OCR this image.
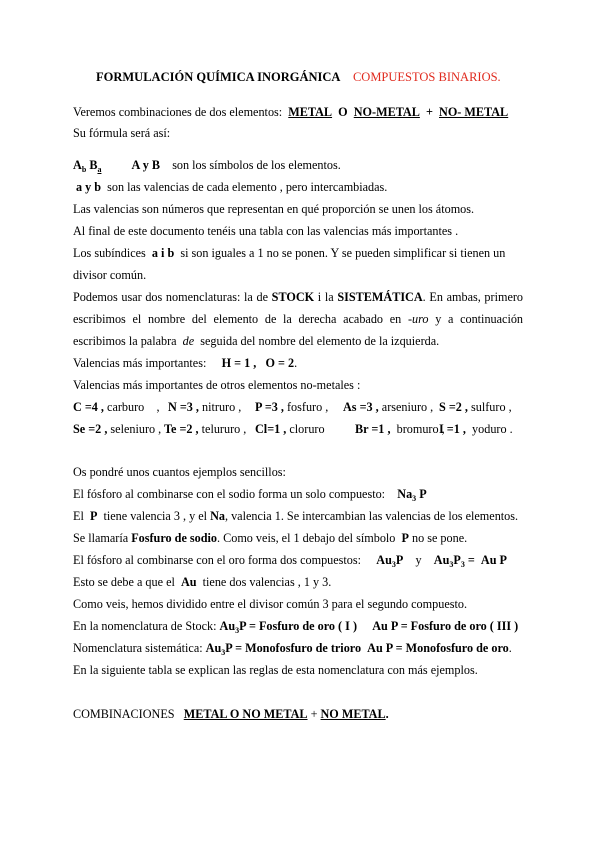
FORMULACIÓN QUÍMICA INORGÁNICA COMPUESTOS BINARIOS.
Veremos combinaciones de dos elementos: METAL O NO-METAL + NO- METAL
Su fórmula será así:
$A_b$ $B_a$ A y B son los símbolos de los elementos.
a y b son las valencias de cada elemento , pero intercambiadas.
Las valencias son números que representan en qué proporción se unen los átomos.
Al final de este documento tenéis una tabla con las valencias más importantes .
Los subíndices a i b si son iguales a 1 no se ponen. Y se pueden simplificar si tienen un
divisor común.
Podemos usar dos nomenclaturas: la de STOCK i la SISTEMÁTICA. En ambas, primero
escribimos el nombre del elemento de la derecha acabado en -uro y a continuación
escribimos la palabra de seguida del nombre del elemento de la izquierda.
Valencias más importantes: H = 1 , O = 2.
Valencias más importantes de otros elementos no-metales :
C =4 , carburo , N =3 , nitruro , P =3 , fosfuro , As =3 , arseniuro , S =2 , sulfuro ,
Se =2 , seleniuro , Te =2 , telururo , Cl=1 , cloruro Br =1 , bromuro ,
I =1 , yoduro .
Os pondré unos cuantos ejemplos sencillos:
El fósforo al combinarse con el sodio forma un solo compuesto: $Na_3$ P
El P tiene valencia 3 , y el Na, valencia 1. Se intercambian las valencias de los elementos.
Se llamaría Fosfuro de sodio. Como veis, el 1 debajo del símbolo P no se pone.
El fósforo al combinarse con el oro forma dos compuestos: $Au_3P$ y $Au_3P_3 = Au$ P
Esto se debe a que el Au tiene dos valencias , 1 y 3.
Como veis, hemos dividido entre el divisor común 3 para el segundo compuesto.
En la nomenclatura de Stock: $Au_3P$ = Fosfuro de oro ( I ) Au P = Fosfuro de oro ( III )
Nomenclatura sistemática: $Au_3P$ = Monofosfuro de trioro Au P = Monofosfuro de oro.
En la siguiente tabla se explican las reglas de esta nomenclatura con más ejemplos.
COMBINACIONES METAL O NO METAL + NO METAL.
